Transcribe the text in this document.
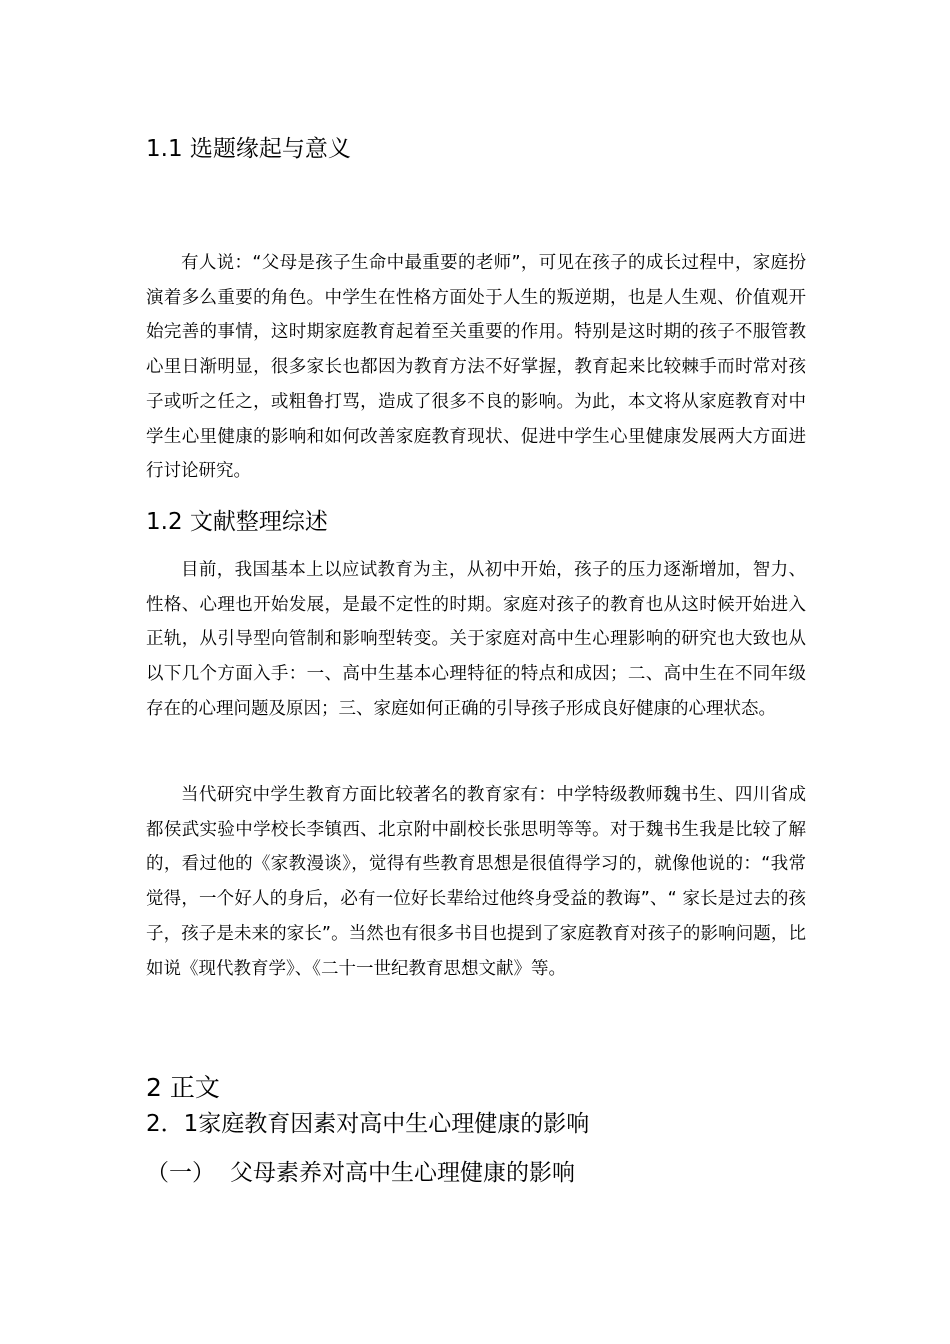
1.1 选题缘起与意义

有人说：“父母是孩子生命中最重要的老师”，可见在孩子的成长过程中，家庭扮演着多么重要的角色。中学生在性格方面处于人生的叛逆期，也是人生观、价值观开始完善的事情，这时期家庭教育起着至关重要的作用。特别是这时期的孩子不服管教心里日渐明显，很多家长也都因为教育方法不好掌握，教育起来比较棘手而时常对孩子或听之任之，或粗鲁打骂，造成了很多不良的影响。为此，本文将从家庭教育对中学生心里健康的影响和如何改善家庭教育现状、促进中学生心里健康发展两大方面进行讨论研究。

1.2 文献整理综述

目前，我国基本上以应试教育为主，从初中开始，孩子的压力逐渐增加，智力、性格、心理也开始发展，是最不定性的时期。家庭对孩子的教育也从这时候开始进入正轨，从引导型向管制和影响型转变。关于家庭对高中生心理影响的研究也大致也从以下几个方面入手：一、高中生基本心理特征的特点和成因；二、高中生在不同年级存在的心理问题及原因；三、家庭如何正确的引导孩子形成良好健康的心理状态。

当代研究中学生教育方面比较著名的教育家有：中学特级教师魏书生、四川省成都侯武实验中学校长李镇西、北京附中副校长张思明等等。对于魏书生我是比较了解的，看过他的《家教漫谈》，觉得有些教育思想是很值得学习的，就像他说的：“我常觉得，一个好人的身后，必有一位好长辈给过他终身受益的教诲”、“ 家长是过去的孩子，孩子是未来的家长”。当然也有很多书目也提到了家庭教育对孩子的影响问题，比如说《现代教育学》、《二十一世纪教育思想文献》等。

2 正文
2．1家庭教育因素对高中生心理健康的影响
（一） 父母素养对高中生心理健康的影响
